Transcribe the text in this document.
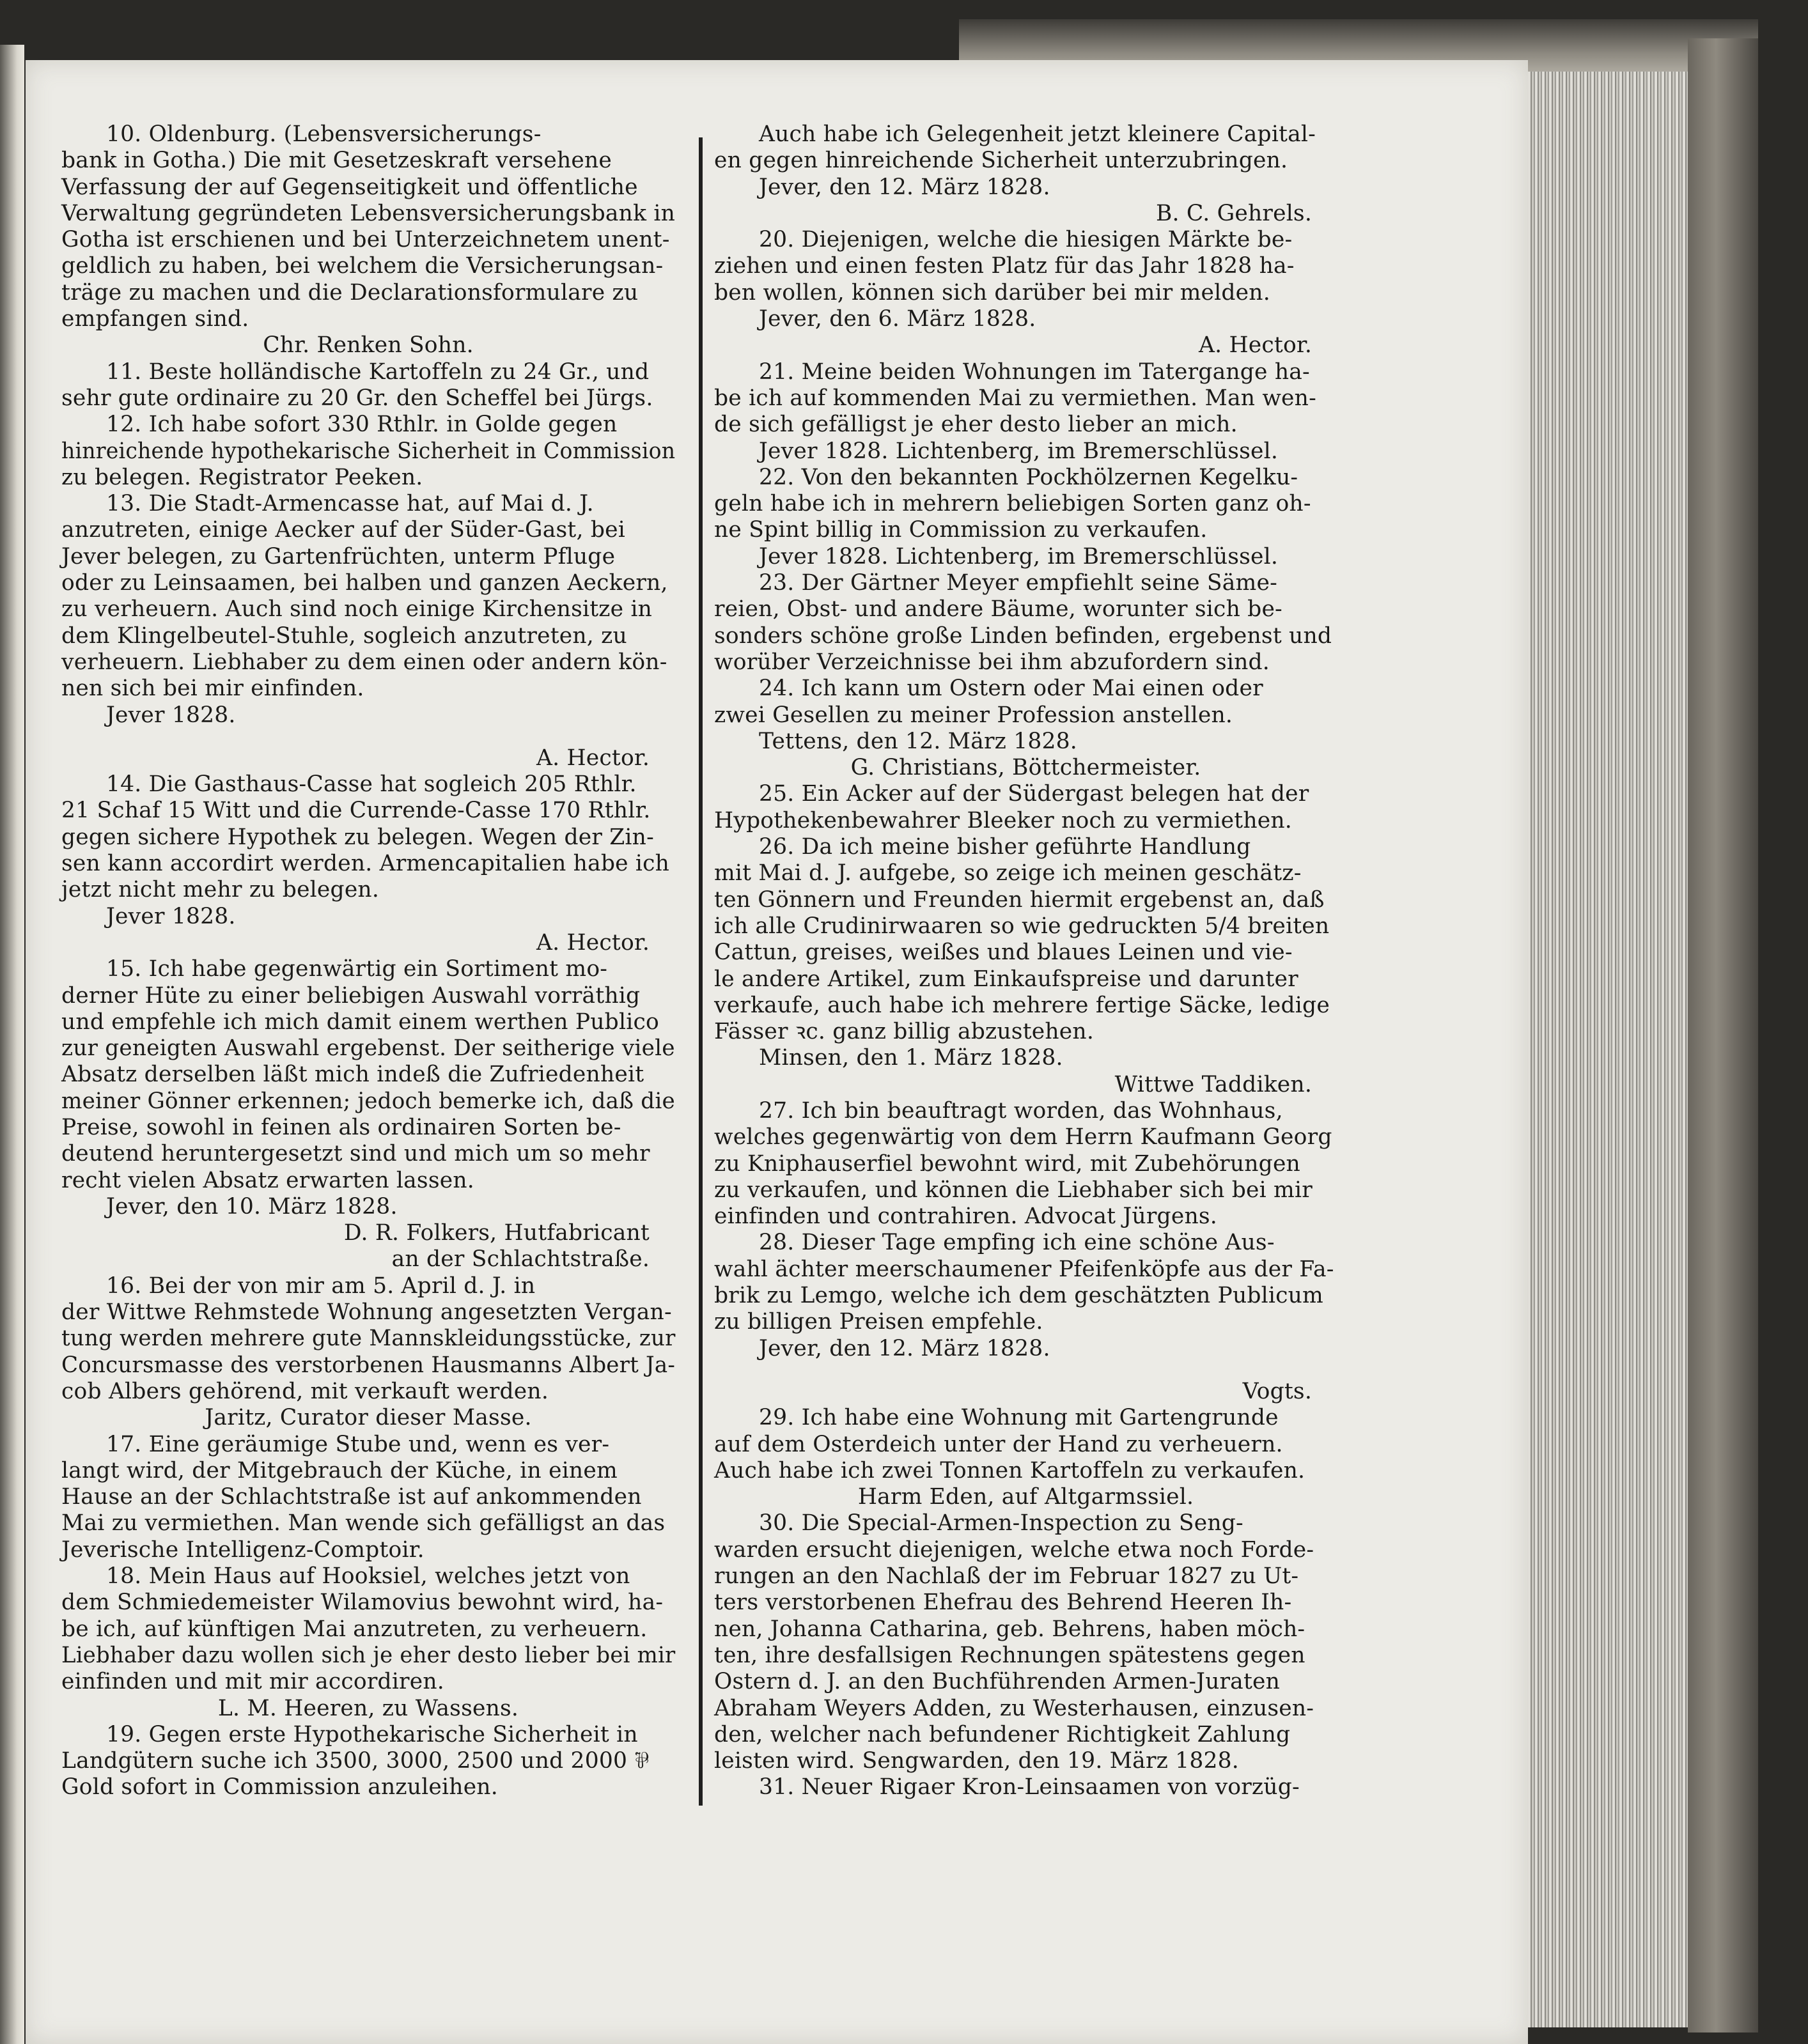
10. Oldenburg. (Lebensversicherungs-

bank in Gotha.) Die mit Gesetzeskraft versehene

Verfassung der auf Gegenseitigkeit und öffentliche

Verwaltung gegründeten Lebensversicherungsbank in

Gotha ist erschienen und bei Unterzeichnetem unent-

geldlich zu haben, bei welchem die Versicherungsan-

träge zu machen und die Declarationsformulare zu

empfangen sind.

Chr. Renken Sohn.

11. Beste holländische Kartoffeln zu 24 Gr., und

sehr gute ordinaire zu 20 Gr. den Scheffel bei Jürgs.

12. Ich habe sofort 330 Rthlr. in Golde gegen

hinreichende hypothekarische Sicherheit in Commission

zu belegen. Registrator Peeken.

13. Die Stadt-Armencasse hat, auf Mai d. J.

anzutreten, einige Aecker auf der Süder-Gast, bei

Jever belegen, zu Gartenfrüchten, unterm Pfluge

oder zu Leinsaamen, bei halben und ganzen Aeckern,

zu verheuern. Auch sind noch einige Kirchensitze in

dem Klingelbeutel-Stuhle, sogleich anzutreten, zu

verheuern. Liebhaber zu dem einen oder andern kön-

nen sich bei mir einfinden.

Jever 1828.

A. Hector.

14. Die Gasthaus-Casse hat sogleich 205 Rthlr.

21 Schaf 15 Witt und die Currende-Casse 170 Rthlr.

gegen sichere Hypothek zu belegen. Wegen der Zin-

sen kann accordirt werden. Armencapitalien habe ich

jetzt nicht mehr zu belegen.

Jever 1828.

A. Hector.

15. Ich habe gegenwärtig ein Sortiment mo-

derner Hüte zu einer beliebigen Auswahl vorräthig

und empfehle ich mich damit einem werthen Publico

zur geneigten Auswahl ergebenst. Der seitherige viele

Absatz derselben läßt mich indeß die Zufriedenheit

meiner Gönner erkennen; jedoch bemerke ich, daß die

Preise, sowohl in feinen als ordinairen Sorten be-

deutend heruntergesetzt sind und mich um so mehr

recht vielen Absatz erwarten lassen.

Jever, den 10. März 1828.

D. R. Folkers, Hutfabricant

an der Schlachtstraße.

16. Bei der von mir am 5. April d. J. in

der Wittwe Rehmstede Wohnung angesetzten Vergan-

tung werden mehrere gute Mannskleidungsstücke, zur

Concursmasse des verstorbenen Hausmanns Albert Ja-

cob Albers gehörend, mit verkauft werden.

Jaritz, Curator dieser Masse.

17. Eine geräumige Stube und, wenn es ver-

langt wird, der Mitgebrauch der Küche, in einem

Hause an der Schlachtstraße ist auf ankommenden

Mai zu vermiethen. Man wende sich gefälligst an das

Jeverische Intelligenz-Comptoir.

18. Mein Haus auf Hooksiel, welches jetzt von

dem Schmiedemeister Wilamovius bewohnt wird, ha-

be ich, auf künftigen Mai anzutreten, zu verheuern.

Liebhaber dazu wollen sich je eher desto lieber bei mir

einfinden und mit mir accordiren.

L. M. Heeren, zu Wassens.

19. Gegen erste Hypothekarische Sicherheit in

Landgütern suche ich 3500, 3000, 2500 und 2000 ⅌

Gold sofort in Commission anzuleihen.

Auch habe ich Gelegenheit jetzt kleinere Capital-

en gegen hinreichende Sicherheit unterzubringen.

Jever, den 12. März 1828.

B. C. Gehrels.

20. Diejenigen, welche die hiesigen Märkte be-

ziehen und einen festen Platz für das Jahr 1828 ha-

ben wollen, können sich darüber bei mir melden.

Jever, den 6. März 1828.

A. Hector.

21. Meine beiden Wohnungen im Tatergange ha-

be ich auf kommenden Mai zu vermiethen. Man wen-

de sich gefälligst je eher desto lieber an mich.

Jever 1828. Lichtenberg, im Bremerschlüssel.

22. Von den bekannten Pockhölzernen Kegelku-

geln habe ich in mehrern beliebigen Sorten ganz oh-

ne Spint billig in Commission zu verkaufen.

Jever 1828. Lichtenberg, im Bremerschlüssel.

23. Der Gärtner Meyer empfiehlt seine Säme-

reien, Obst- und andere Bäume, worunter sich be-

sonders schöne große Linden befinden, ergebenst und

worüber Verzeichnisse bei ihm abzufordern sind.

24. Ich kann um Ostern oder Mai einen oder

zwei Gesellen zu meiner Profession anstellen.

Tettens, den 12. März 1828.

G. Christians, Böttchermeister.

25. Ein Acker auf der Südergast belegen hat der

Hypothekenbewahrer Bleeker noch zu vermiethen.

26. Da ich meine bisher geführte Handlung

mit Mai d. J. aufgebe, so zeige ich meinen geschätz-

ten Gönnern und Freunden hiermit ergebenst an, daß

ich alle Crudinirwaaren so wie gedruckten 5/4 breiten

Cattun, greises, weißes und blaues Leinen und vie-

le andere Artikel, zum Einkaufspreise und darunter

verkaufe, auch habe ich mehrere fertige Säcke, ledige

Fässer ꝛc. ganz billig abzustehen.

Minsen, den 1. März 1828.

Wittwe Taddiken.

27. Ich bin beauftragt worden, das Wohnhaus,

welches gegenwärtig von dem Herrn Kaufmann Georg

zu Kniphauserfiel bewohnt wird, mit Zubehörungen

zu verkaufen, und können die Liebhaber sich bei mir

einfinden und contrahiren. Advocat Jürgens.

28. Dieser Tage empfing ich eine schöne Aus-

wahl ächter meerschaumener Pfeifenköpfe aus der Fa-

brik zu Lemgo, welche ich dem geschätzten Publicum

zu billigen Preisen empfehle.

Jever, den 12. März 1828.

Vogts.

29. Ich habe eine Wohnung mit Gartengrunde

auf dem Osterdeich unter der Hand zu verheuern.

Auch habe ich zwei Tonnen Kartoffeln zu verkaufen.

Harm Eden, auf Altgarmssiel.

30. Die Special-Armen-Inspection zu Seng-

warden ersucht diejenigen, welche etwa noch Forde-

rungen an den Nachlaß der im Februar 1827 zu Ut-

ters verstorbenen Ehefrau des Behrend Heeren Ih-

nen, Johanna Catharina, geb. Behrens, haben möch-

ten, ihre desfallsigen Rechnungen spätestens gegen

Ostern d. J. an den Buchführenden Armen-Juraten

Abraham Weyers Adden, zu Westerhausen, einzusen-

den, welcher nach befundener Richtigkeit Zahlung

leisten wird. Sengwarden, den 19. März 1828.

31. Neuer Rigaer Kron-Leinsaamen von vorzüg-
